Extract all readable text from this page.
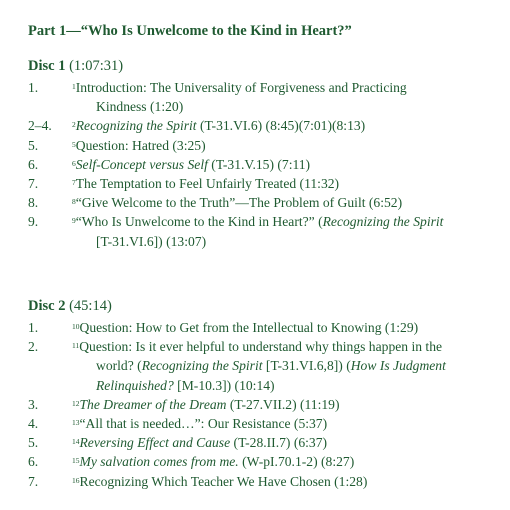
Part 1—“Who Is Unwelcome to the Kind in Heart?”
Disc 1 (1:07:31)
1.	$^1$Introduction: The Universality of Forgiveness and Practicing
Kindness (1:20)
2–4.	$^2$Recognizing the Spirit (T-31.VI.6) (8:45)(7:01)(8:13)
5.	$^5$Question: Hatred (3:25)
6.	$^6$Self-Concept versus Self (T-31.V.15) (7:11)
7.	$^7$The Temptation to Feel Unfairly Treated (11:32)
8.	$^8$“Give Welcome to the Truth”—The Problem of Guilt (6:52)
9.	$^9$“Who Is Unwelcome to the Kind in Heart?” (Recognizing the Spirit
[T-31.VI.6]) (13:07)
Disc 2 (45:14)
1.	$^{10}$Question: How to Get from the Intellectual to Knowing (1:29)
2.	$^{11}$Question: Is it ever helpful to understand why things happen in the
world? (Recognizing the Spirit [T-31.VI.6,8]) (How Is Judgment
Relinquished? [M-10.3]) (10:14)
3.	$^{12}$The Dreamer of the Dream (T-27.VII.2) (11:19)
4.	$^{13}$“All that is needed…”: Our Resistance (5:37)
5.	$^{14}$Reversing Effect and Cause (T-28.II.7) (6:37)
6.	$^{15}$My salvation comes from me. (W-pI.70.1-2) (8:27)
7.	$^{16}$Recognizing Which Teacher We Have Chosen (1:28)
